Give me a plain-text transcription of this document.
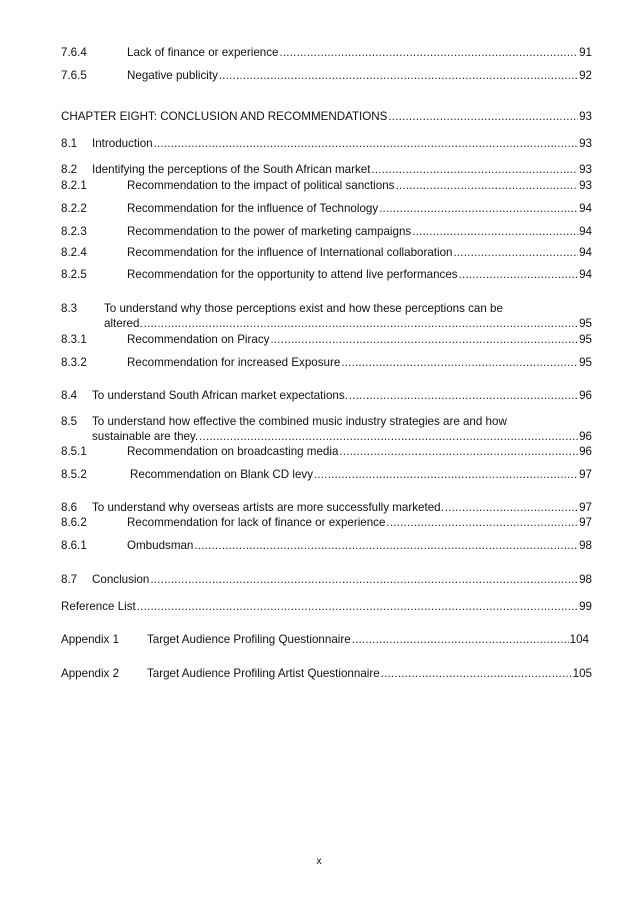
7.6.4	Lack of finance or experience .....	91
7.6.5	Negative publicity .....	92
CHAPTER EIGHT: CONCLUSION AND RECOMMENDATIONS .....	93
8.1 Introduction .....	93
8.2 Identifying the perceptions of the South African market .....	93
8.2.1	Recommendation to the impact of political sanctions .....	93
8.2.2	Recommendation for the influence of Technology .....	94
8.2.3	Recommendation to the power of marketing campaigns .....	94
8.2.4	Recommendation for the influence of International collaboration .....	94
8.2.5	Recommendation for the opportunity to attend live performances .....	94
8.3 To understand why those perceptions exist and how these perceptions can be
altered. .....	95
8.3.1	Recommendation on Piracy .....	95
8.3.2	Recommendation for increased Exposure .....	95
8.4 To understand South African market expectations. .....	96
8.5 To understand how effective the combined music industry strategies are and how
sustainable are they. .....	96
8.5.1	Recommendation on broadcasting media .....	96
8.5.2	Recommendation on Blank CD levy .....	97
8.6 To understand why overseas artists are more successfully marketed. .....	97
8.6.2	Recommendation for lack of finance or experience .....	97
8.6.1	Ombudsman .....	98
8.7 Conclusion .....	98
Reference List .....	99
Appendix 1 Target Audience Profiling Questionnaire .....	104
Appendix 2 Target Audience Profiling Artist Questionnaire .....	105
x
